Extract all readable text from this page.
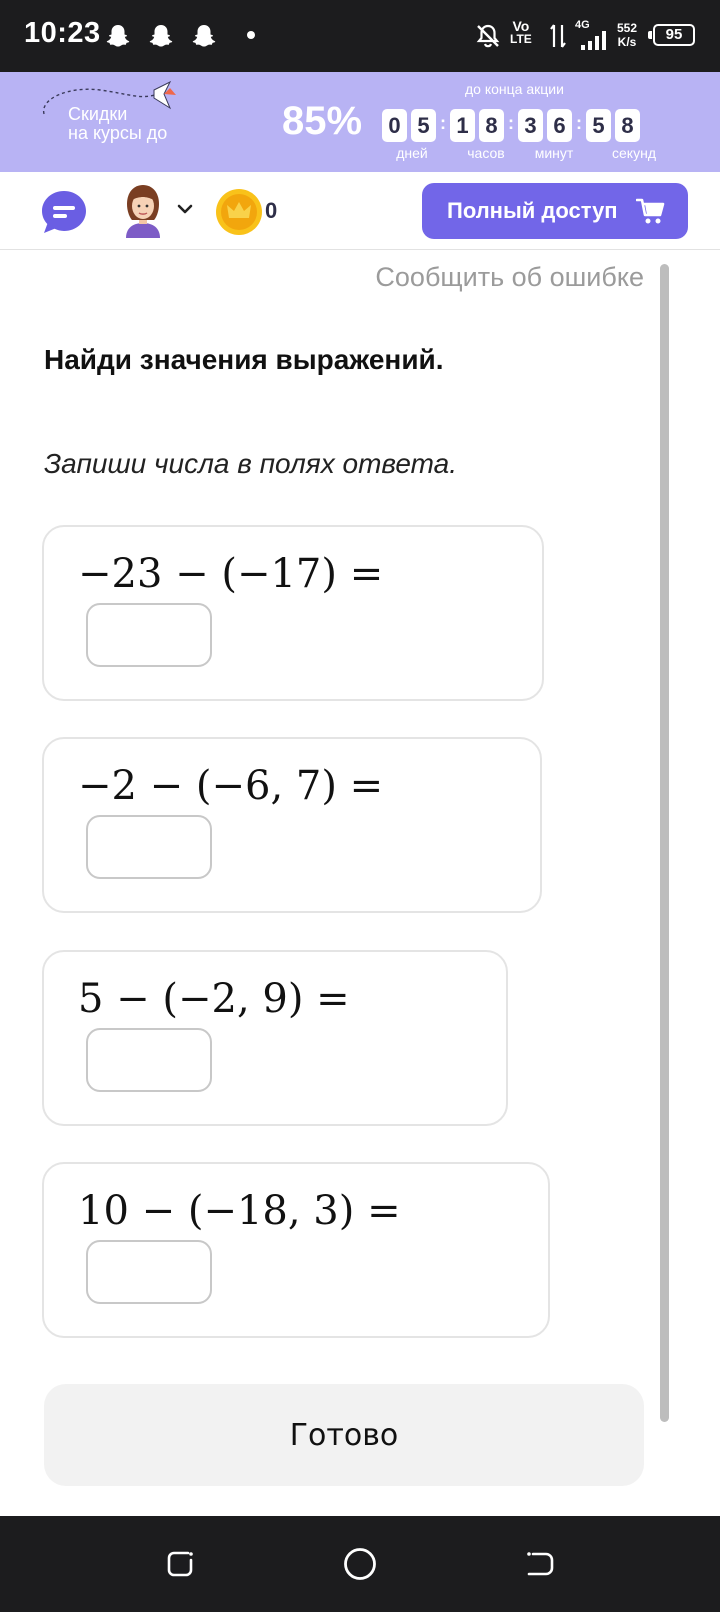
10:23	Vo
LTE
4G 552
K/s	95
Скидки
на курсы до	85%
до конца акции
0 5 : 1 8 : 3 6 : 5 8
дней	часов	минут	секунд
0	Полный доступ
Сообщить об ошибке
Найди значения выражений.

Запиши числа в полях ответа.

−23 − (−17) =
−2 − (−6, 7) =
5 − (−2, 9) =
10 − (−18, 3) =
Готово
